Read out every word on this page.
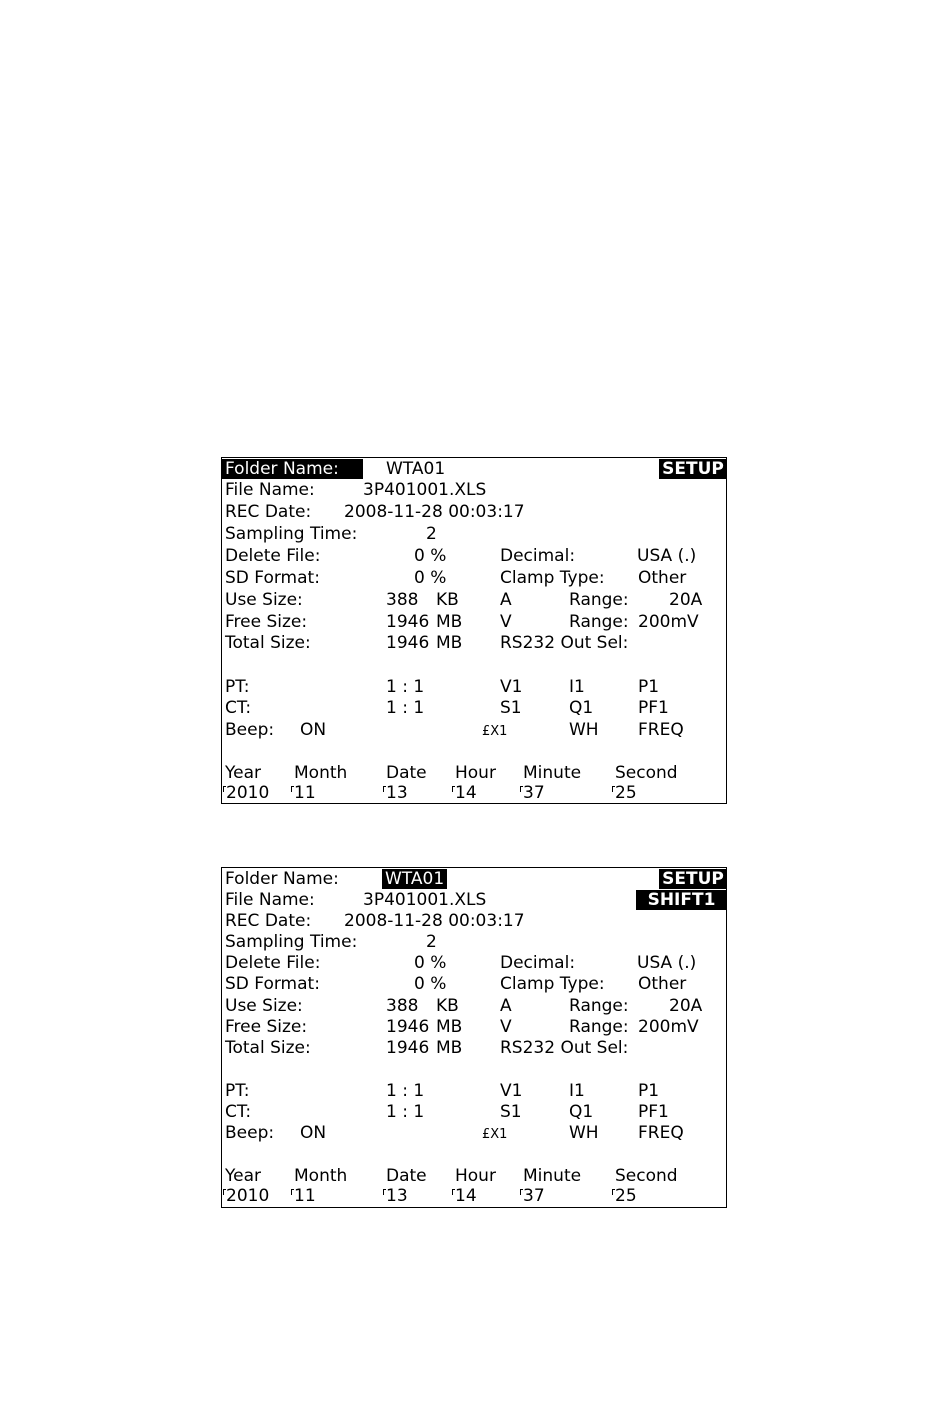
Folder Name:	WTA01	SETUP
File Name:	3P401001.XLS
REC Date: 2008-11-28 00:03:17
Sampling Time:	2
Delete File:	0 %	Decimal:	USA (.)
SD Format:	0 %	Clamp Type: Other
Use Size:	388 KB A	Range: 20A
Free Size:	1946 MB V	Range: 200mV
Total Size:	1946 MB RS232 Out Sel:
PT:	1 : 1	V1	I1	P1
CT:	1 : 1	S1	Q1	PF1
Beep: ON	£X1	WH FREQ
Year Month Date Hour Minute Second
2010 11	13	14	37	25
Folder Name:	WTA01	SETUP
File Name:	3P401001.XLS	SHIFT1
REC Date: 2008-11-28 00:03:17
Sampling Time:	2
Delete File:	0 %	Decimal:	USA (.)
SD Format:	0 %	Clamp Type: Other
Use Size:	388 KB A	Range: 20A
Free Size:	1946 MB V	Range: 200mV
Total Size:	1946 MB RS232 Out Sel:
PT:	1 : 1	V1	I1	P1
CT:	1 : 1	S1	Q1	PF1
Beep: ON	£X1	WH FREQ
Year Month Date Hour Minute Second
2010 11	13	14	37	25
